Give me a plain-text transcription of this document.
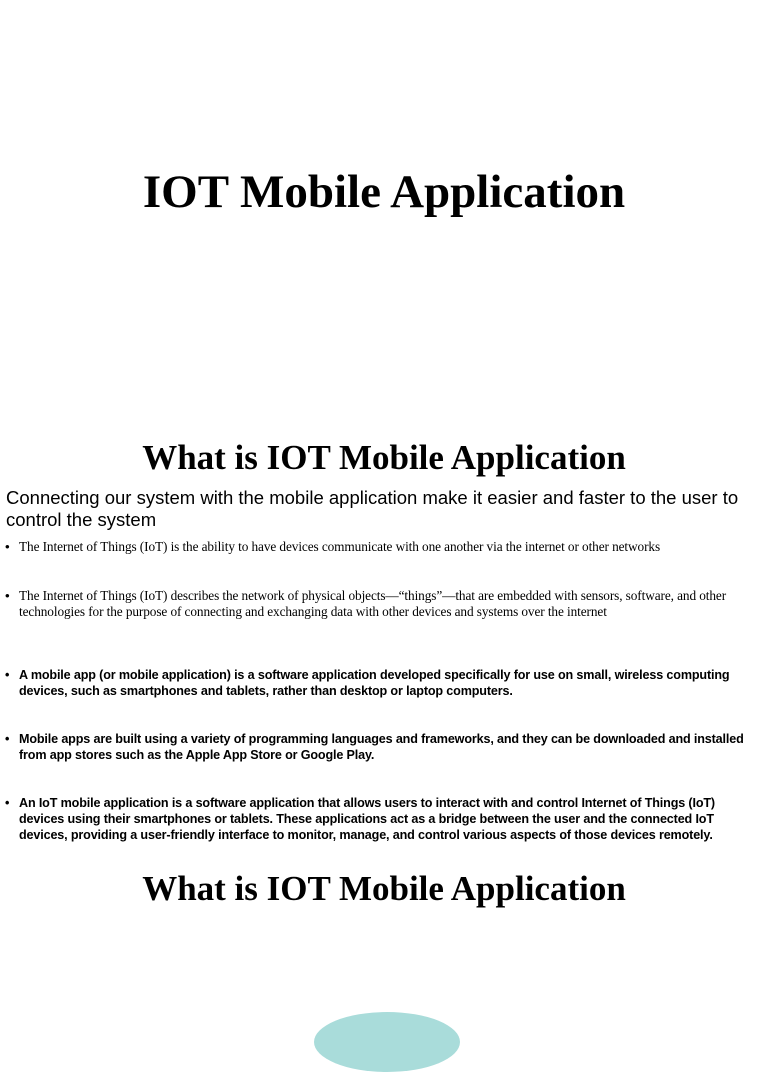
IOT Mobile Application
What is IOT Mobile Application

Connecting our system with the mobile application make it easier and faster to the user to control the system

• The Internet of Things (IoT) is the ability to have devices communicate with one another via the internet or other networks
• The Internet of Things (IoT) describes the network of physical objects—“things”—that are embedded with sensors, software, and other technologies for the purpose of connecting and exchanging data with other devices and systems over the internet
• A mobile app (or mobile application) is a software application developed specifically for use on small, wireless computing devices, such as smartphones and tablets, rather than desktop or laptop computers.
• Mobile apps are built using a variety of programming languages and frameworks, and they can be downloaded and installed from app stores such as the Apple App Store or Google Play.
• An IoT mobile application is a software application that allows users to interact with and control Internet of Things (IoT) devices using their smartphones or tablets. These applications act as a bridge between the user and the connected IoT devices, providing a user-friendly interface to monitor, manage, and control various aspects of those devices remotely.
What is IOT Mobile Application
